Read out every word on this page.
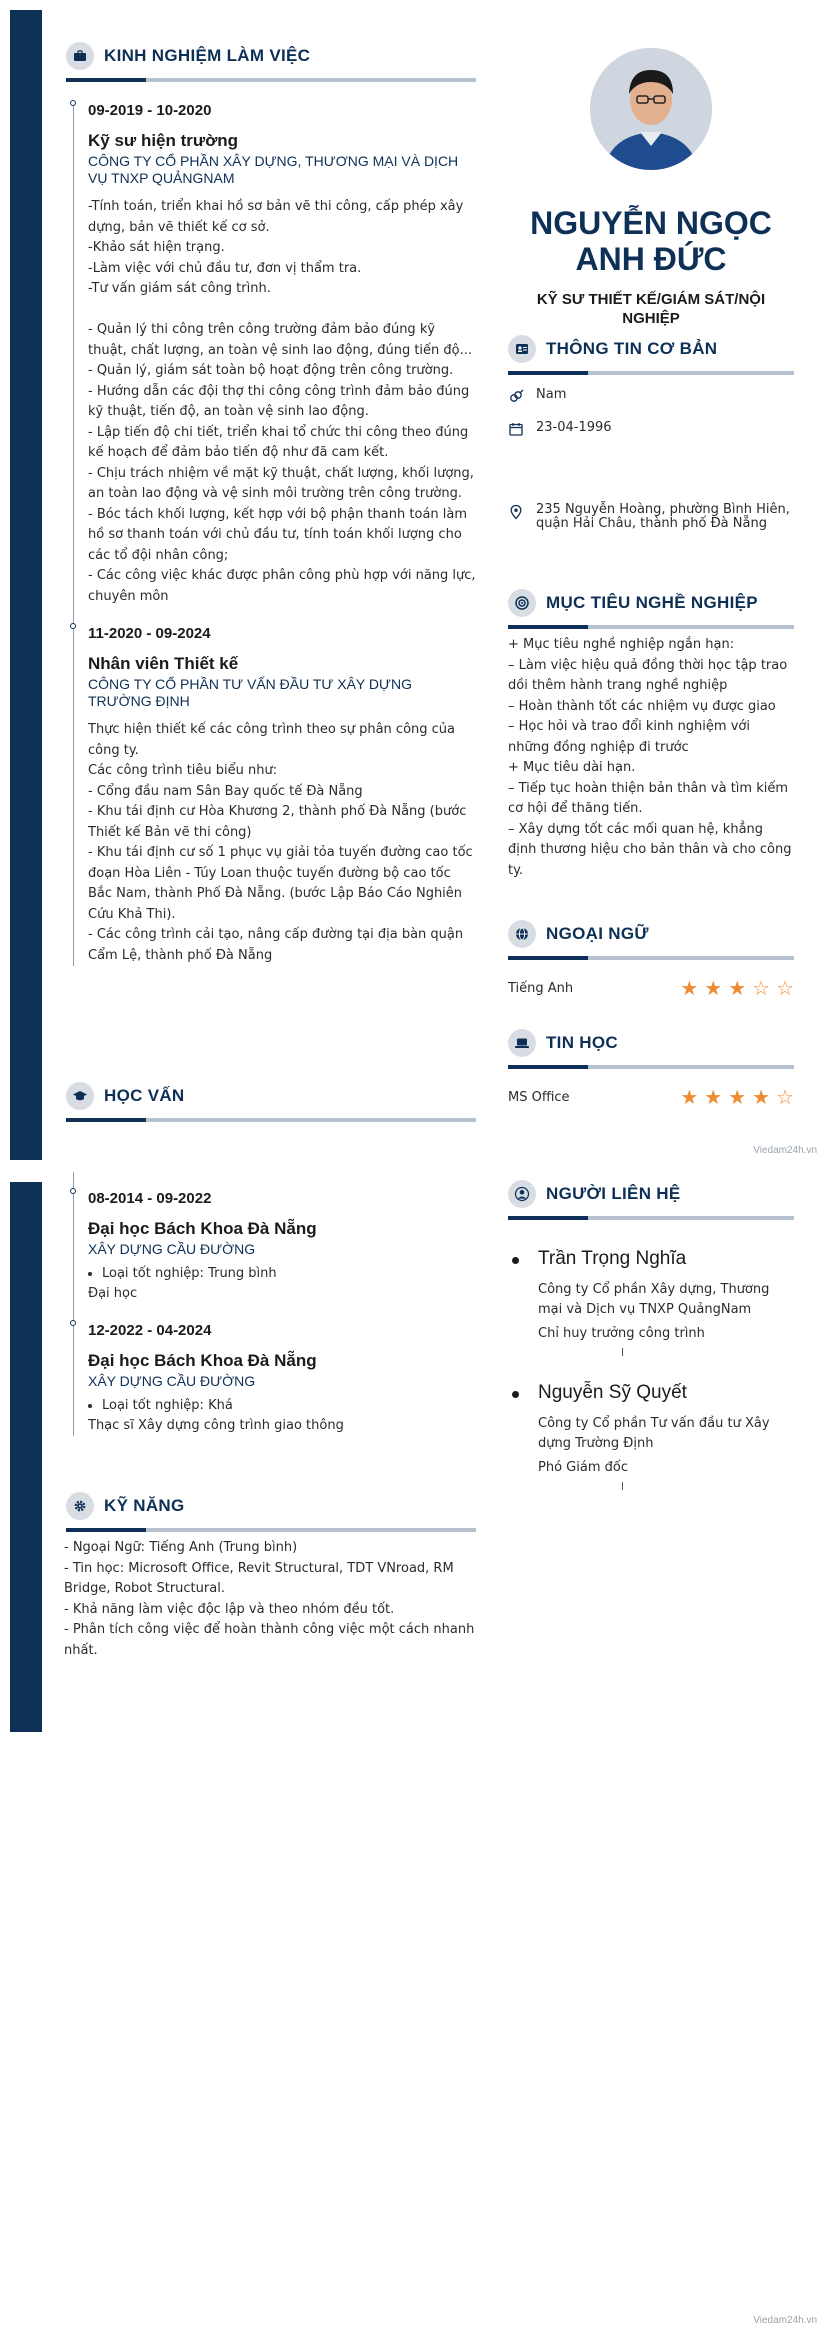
KINH NGHIỆM LÀM VIỆC
09-2019 - 10-2020
Kỹ sư hiện trường
CÔNG TY CỔ PHẦN XÂY DỰNG, THƯƠNG MẠI VÀ DỊCH VỤ TNXP QUẢNGNAM
-Tính toán, triển khai hồ sơ bản vẽ thi công, cấp phép xây dựng, bản vẽ thiết kế cơ sở.
-Khảo sát hiện trạng.
-Làm việc với chủ đầu tư, đơn vị thẩm tra.
-Tư vấn giám sát công trình.

- Quản lý thi công trên công trường đảm bảo đúng kỹ thuật, chất lượng, an toàn vệ sinh lao động, đúng tiến độ...
- Quản lý, giám sát toàn bộ hoạt động trên công trường.
- Hướng dẫn các đội thợ thi công công trình đảm bảo đúng kỹ thuật, tiến độ, an toàn vệ sinh lao động.
- Lập tiến độ chi tiết, triển khai tổ chức thi công theo đúng kế hoạch để đảm bảo tiến độ như đã cam kết.
- Chịu trách nhiệm về mặt kỹ thuật, chất lượng, khối lượng, an toàn lao động và vệ sinh môi trường trên công trường.
- Bóc tách khối lượng, kết hợp với bộ phận thanh toán làm hồ sơ thanh toán với chủ đầu tư, tính toán khối lượng cho các tổ đội nhân công;
- Các công việc khác được phân công phù hợp với năng lực, chuyên môn
11-2020 - 09-2024
Nhân viên Thiết kế
CÔNG TY CỔ PHẦN TƯ VẤN ĐẦU TƯ XÂY DỰNG TRƯỜNG ĐỊNH
Thực hiện thiết kế các công trình theo sự phân công của công ty.
Các công trình tiêu biểu như:
- Cổng đầu nam Sân Bay quốc tế Đà Nẵng
- Khu tái định cư Hòa Khương 2, thành phố Đà Nẵng (bước Thiết kế Bản vẽ thi công)
- Khu tái định cư số 1 phục vụ giải tỏa tuyến đường cao tốc đoạn Hòa Liên - Túy Loan thuộc tuyến đường bộ cao tốc Bắc Nam, thành Phố Đà Nẵng. (bước Lập Báo Cáo Nghiên Cứu Khả Thi).
- Các công trình cải tạo, nâng cấp đường tại địa bàn quận Cẩm Lệ, thành phố Đà Nẵng
HỌC VẤN
NGUYỄN NGỌC ANH ĐỨC
KỸ SƯ THIẾT KẾ/GIÁM SÁT/NỘI NGHIỆP
THÔNG TIN CƠ BẢN
Nam
23-04-1996
235 Nguyễn Hoàng, phường Bình Hiên, quận Hải Châu, thành phố Đà Nẵng
MỤC TIÊU NGHỀ NGHIỆP
+ Mục tiêu nghề nghiệp ngắn hạn:
– Làm việc hiệu quả đồng thời học tập trao dồi thêm hành trang nghề nghiệp
– Hoàn thành tốt các nhiệm vụ được giao
– Học hỏi và trao đổi kinh nghiệm với những đồng nghiệp đi trước
+ Mục tiêu dài hạn.
– Tiếp tục hoàn thiện bản thân và tìm kiếm cơ hội để thăng tiến.
– Xây dựng tốt các mối quan hệ, khẳng định thương hiệu cho bản thân và cho công ty.
NGOẠI NGỮ
Tiếng Anh	★ ★ ★ ☆ ☆
TIN HỌC
MS Office	★ ★ ★ ★ ☆
Viedam24h.vn
08-2014 - 09-2022
Đại học Bách Khoa Đà Nẵng
XÂY DỰNG CẦU ĐƯỜNG
• Loại tốt nghiệp: Trung bình
Đại học
12-2022 - 04-2024
Đại học Bách Khoa Đà Nẵng
XÂY DỰNG CẦU ĐƯỜNG
• Loại tốt nghiệp: Khá
Thạc sĩ Xây dựng công trình giao thông
KỸ NĂNG
- Ngoại Ngữ: Tiếng Anh (Trung bình)
- Tin học: Microsoft Office, Revit Structural, TDT VNroad, RM Bridge, Robot Structural.
- Khả năng làm việc độc lập và theo nhóm đều tốt.
- Phân tích công việc để hoàn thành công việc một cách nhanh nhất.
NGƯỜI LIÊN HỆ
Trần Trọng Nghĩa
Công ty Cổ phần Xây dựng, Thương mại và Dịch vụ TNXP QuảngNam
Chỉ huy trưởng công trình
Nguyễn Sỹ Quyết
Công ty Cổ phần Tư vấn đầu tư Xây dựng Trường Định
Phó Giám đốc
Viedam24h.vn
